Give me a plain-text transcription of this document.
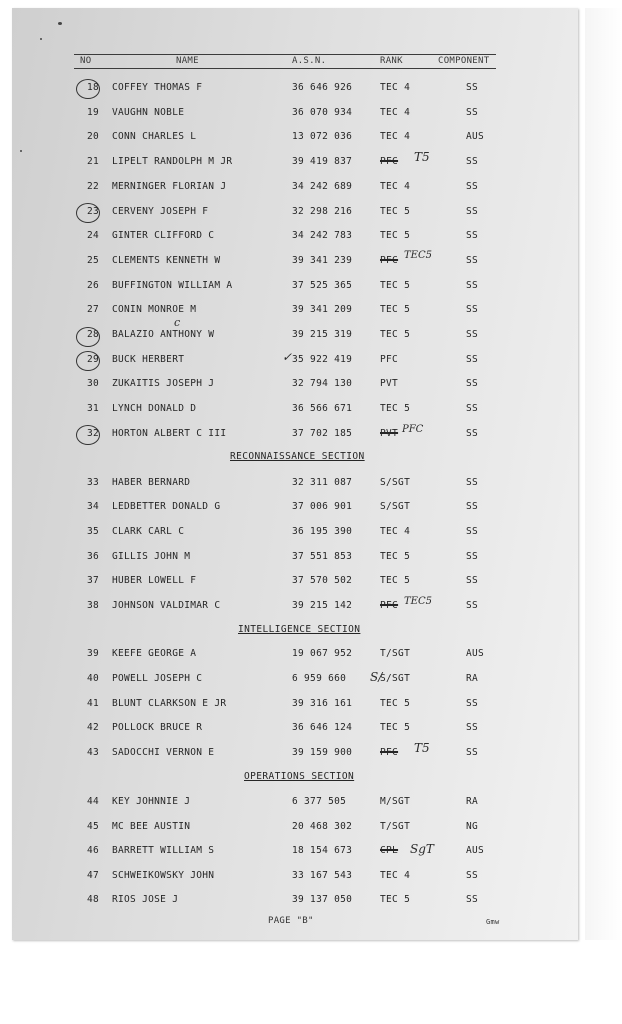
NO	NAME	A.S.N.	RANK	COMPONENT
18	COFFEY THOMAS F	36 646 926	TEC 4	SS
19	VAUGHN NOBLE	36 070 934	TEC 4	SS
20	CONN CHARLES L	13 072 036	TEC 4	AUS
21	LIPELT RANDOLPH M JR	39 419 837	PFC	SS
22	MERNINGER FLORIAN J	34 242 689	TEC 4	SS
23	CERVENY JOSEPH F	32 298 216	TEC 5	SS
24	GINTER CLIFFORD C	34 242 783	TEC 5	SS
25	CLEMENTS KENNETH W	39 341 239	PFC	SS
26	BUFFINGTON WILLIAM A	37 525 365	TEC 5	SS
27	CONIN MONROE M	39 341 209	TEC 5	SS
28	BALAZIO ANTHONY W	39 215 319	TEC 5	SS
29	BUCK HERBERT	35 922 419	PFC	SS
30	ZUKAITIS JOSEPH J	32 794 130	PVT	SS
31	LYNCH DONALD D	36 566 671	TEC 5	SS
32	HORTON ALBERT C III	37 702 185	PVT	SS
33	HABER BERNARD	32 311 087	S/SGT	SS
34	LEDBETTER DONALD G	37 006 901	S/SGT	SS
35	CLARK CARL C	36 195 390	TEC 4	SS
36	GILLIS JOHN M	37 551 853	TEC 5	SS
37	HUBER LOWELL F	37 570 502	TEC 5	SS
38	JOHNSON VALDIMAR C	39 215 142	PFC	SS
39	KEEFE GEORGE A	19 067 952	T/SGT	AUS
40	POWELL JOSEPH C	6 959 660	S/SGT	RA
41	BLUNT CLARKSON E JR	39 316 161	TEC 5	SS
42	POLLOCK BRUCE R	36 646 124	TEC 5	SS
43	SADOCCHI VERNON E	39 159 900	PFC	SS
44	KEY JOHNNIE J	6 377 505	M/SGT	RA
45	MC BEE AUSTIN	20 468 302	T/SGT	NG
46	BARRETT WILLIAM S	18 154 673	CPL	AUS
47	SCHWEIKOWSKY JOHN	33 167 543	TEC 4	SS
48	RIOS JOSE J	39 137 050	TEC 5	SS
RECONNAISSANCE SECTION
INTELLIGENCE SECTION
OPERATIONS SECTION
T5
TEC5
c
✓
PFC
TEC5
S/
T5
SgT
PAGE "B"	Gmw
